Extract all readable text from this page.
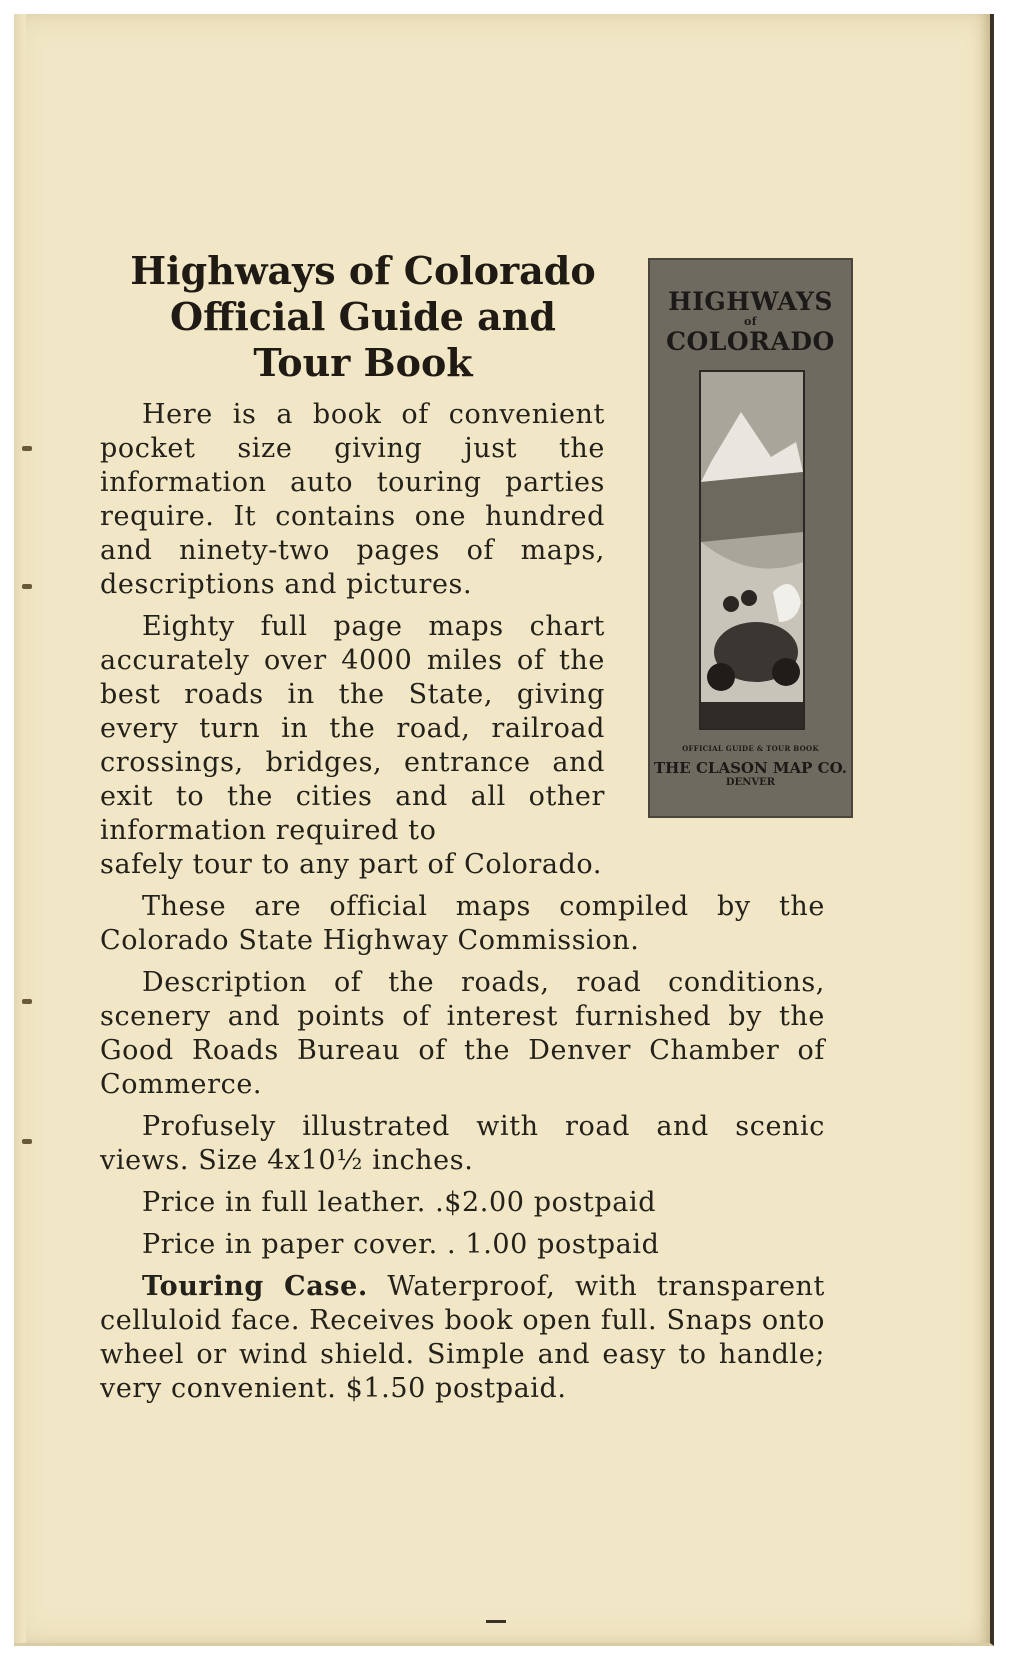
Highways of Colorado
Official Guide and
Tour Book
HIGHWAYS
of
COLORADO
OFFICIAL GUIDE & TOUR BOOK
THE CLASON MAP CO.
DENVER

Here is a book of convenient pocket size giving just the information auto touring parties require. It contains one hundred and ninety-two pages of maps, descriptions and pictures.

Eighty full page maps chart accurately over 4000 miles of the best roads in the State, giving every turn in the road, railroad crossings, bridges, entrance and exit to the cities and all other information required to

safely tour to any part of Colorado.

These are official maps compiled by the Colorado State Highway Commission.

Description of the roads, road conditions, scenery and points of interest furnished by the Good Roads Bureau of the Denver Chamber of Commerce.

Profusely illustrated with road and scenic views. Size 4x10½ inches.

Price in full leather. .$2.00 postpaid

Price in paper cover. . 1.00 postpaid

Touring Case. Waterproof, with transparent celluloid face. Receives book open full. Snaps onto wheel or wind shield. Simple and easy to handle; very convenient. $1.50 postpaid.
